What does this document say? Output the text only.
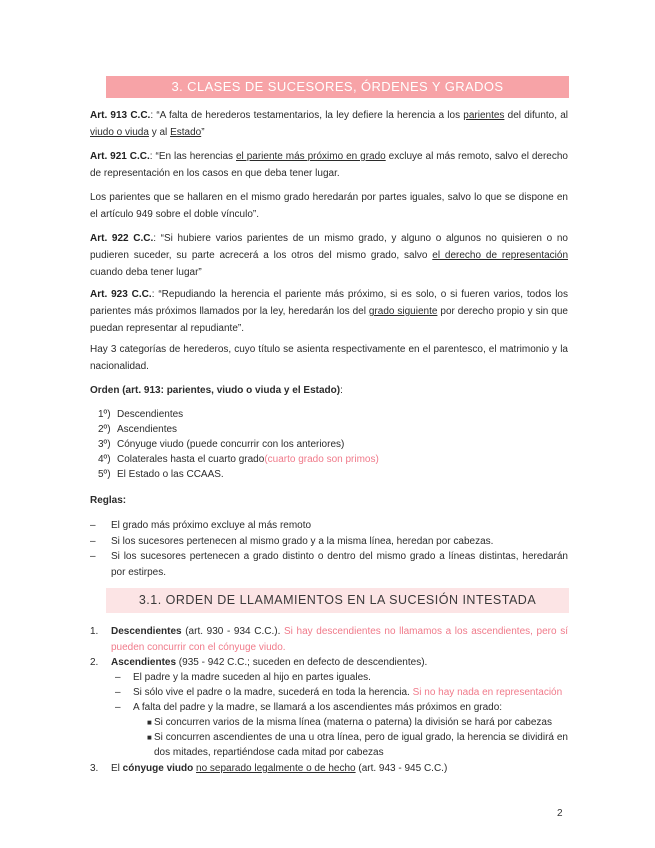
3. CLASES DE SUCESORES, ÓRDENES Y GRADOS
Art. 913 C.C.: “A falta de herederos testamentarios, la ley defiere la herencia a los parientes del difunto, al viudo o viuda y al Estado”
Art. 921 C.C.: “En las herencias el pariente más próximo en grado excluye al más remoto, salvo el derecho de representación en los casos en que deba tener lugar.
Los parientes que se hallaren en el mismo grado heredarán por partes iguales, salvo lo que se dispone en el artículo 949 sobre el doble vínculo”.
Art. 922 C.C.: “Si hubiere varios parientes de un mismo grado, y alguno o algunos no quisieren o no pudieren suceder, su parte acrecerá a los otros del mismo grado, salvo el derecho de representación cuando deba tener lugar”
Art. 923 C.C.: “Repudiando la herencia el pariente más próximo, si es solo, o si fueren varios, todos los parientes más próximos llamados por la ley, heredarán los del grado siguiente por derecho propio y sin que puedan representar al repudiante”.
Hay 3 categorías de herederos, cuyo título se asienta respectivamente en el parentesco, el matrimonio y la nacionalidad.
Orden (art. 913: parientes, viudo o viuda y el Estado):
1º) Descendientes
2º) Ascendientes
3º) Cónyuge viudo (puede concurrir con los anteriores)
4º) Colaterales hasta el cuarto grado (cuarto grado son primos)
5º) El Estado o las CCAAS.
Reglas:
– El grado más próximo excluye al más remoto
– Si los sucesores pertenecen al mismo grado y a la misma línea, heredan por cabezas.
– Si los sucesores pertenecen a grado distinto o dentro del mismo grado a líneas distintas, heredarán por estirpes.
3.1. ORDEN DE LLAMAMIENTOS EN LA SUCESIÓN INTESTADA
1. Descendientes (art. 930 - 934 C.C.). Si hay descendientes no llamamos a los ascendientes, pero sí pueden concurrir con el cónyuge viudo.
2. Ascendientes (935 - 942 C.C.; suceden en defecto de descendientes).
– El padre y la madre suceden al hijo en partes iguales.
– Si sólo vive el padre o la madre, sucederá en toda la herencia. Si no hay nada en representación
– A falta del padre y la madre, se llamará a los ascendientes más próximos en grado:
■ Si concurren varios de la misma línea (materna o paterna) la división se hará por cabezas
■ Si concurren ascendientes de una u otra línea, pero de igual grado, la herencia se dividirá en dos mitades, repartiéndose cada mitad por cabezas
3. El cónyuge viudo no separado legalmente o de hecho (art. 943 - 945 C.C.)
2
